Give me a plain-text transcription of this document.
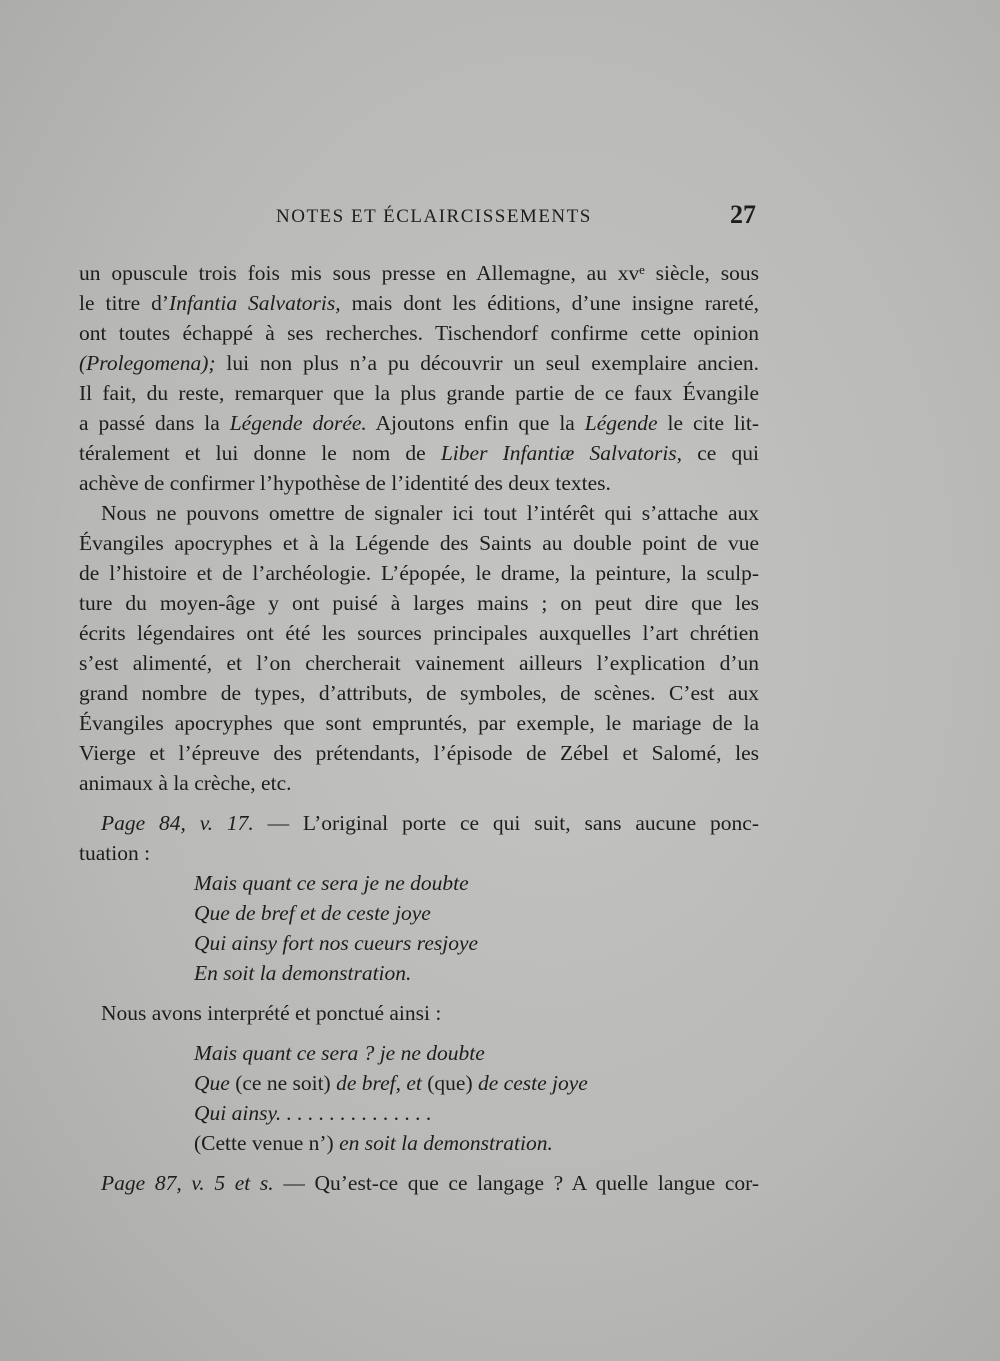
NOTES ET ÉCLAIRCISSEMENTS	27
un opuscule trois fois mis sous presse en Allemagne, au xvᵉ siècle, sous
le titre d’Infantia Salvatoris, mais dont les éditions, d’une insigne rareté,
ont toutes échappé à ses recherches. Tischendorf confirme cette opinion
(Prolegomena); lui non plus n’a pu découvrir un seul exemplaire ancien.
Il fait, du reste, remarquer que la plus grande partie de ce faux Évangile
a passé dans la Légende dorée. Ajoutons enfin que la Légende le cite lit-
téralement et lui donne le nom de Liber Infantiæ Salvatoris, ce qui
achève de confirmer l’hypothèse de l’identité des deux textes.
Nous ne pouvons omettre de signaler ici tout l’intérêt qui s’attache aux
Évangiles apocryphes et à la Légende des Saints au double point de vue
de l’histoire et de l’archéologie. L’épopée, le drame, la peinture, la sculp-
ture du moyen-âge y ont puisé à larges mains ; on peut dire que les
écrits légendaires ont été les sources principales auxquelles l’art chrétien
s’est alimenté, et l’on chercherait vainement ailleurs l’explication d’un
grand nombre de types, d’attributs, de symboles, de scènes. C’est aux
Évangiles apocryphes que sont empruntés, par exemple, le mariage de la
Vierge et l’épreuve des prétendants, l’épisode de Zébel et Salomé, les
animaux à la crèche, etc.
Page 84, v. 17. — L’original porte ce qui suit, sans aucune ponc-
tuation :
Mais quant ce sera je ne doubte
Que de bref et de ceste joye
Qui ainsy fort nos cueurs resjoye
En soit la demonstration.
Nous avons interprété et ponctué ainsi :
Mais quant ce sera ? je ne doubte
Que (ce ne soit) de bref, et (que) de ceste joye
Qui ainsy. . . . . . . . . . . . . . .
(Cette venue n’) en soit la demonstration.
Page 87, v. 5 et s. — Qu’est-ce que ce langage ? A quelle langue cor-
